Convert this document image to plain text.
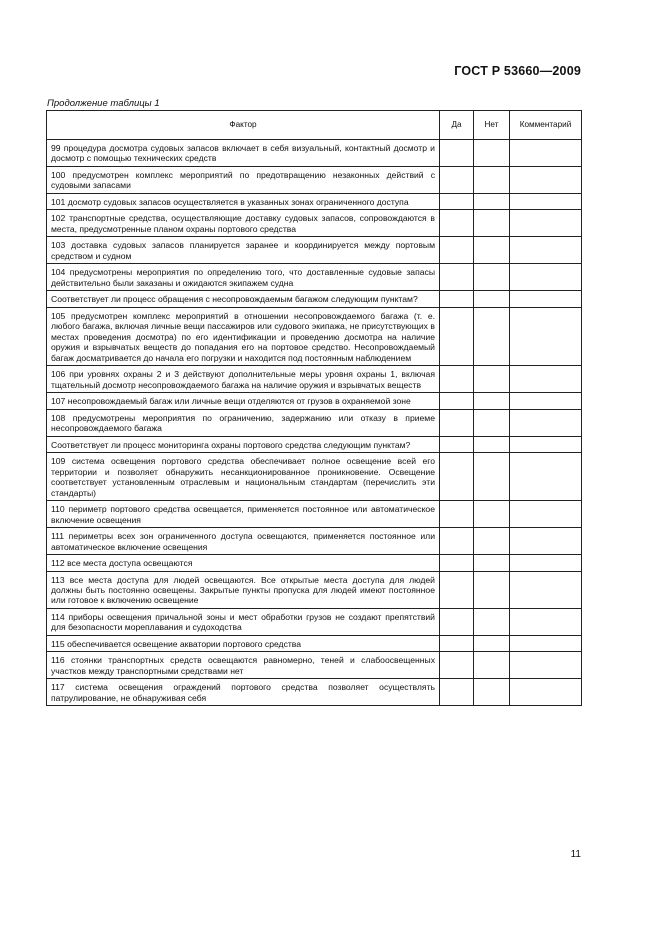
ГОСТ Р 53660—2009
Продолжение таблицы 1
Фактор	Да	Нет	Комментарий
99 процедура досмотра судовых запасов включает в себя визуальный, контактный досмотр и досмотр с помощью технических средств			
100 предусмотрен комплекс мероприятий по предотвращению незаконных действий с судовыми запасами			
101 досмотр судовых запасов осуществляется в указанных зонах ограниченного доступа			
102 транспортные средства, осуществляющие доставку судовых запасов, сопровождаются в места, предусмотренные планом охраны портового средства			
103 доставка судовых запасов планируется заранее и координируется между портовым средством и судном			
104 предусмотрены мероприятия по определению того, что доставленные судовые запасы действительно были заказаны и ожидаются экипажем судна			
Соответствует ли процесс обращения с несопровождаемым багажом следующим пунктам?			
105 предусмотрен комплекс мероприятий в отношении несопровождаемого багажа (т. е. любого багажа, включая личные вещи пассажиров или судового экипажа, не присутствующих в местах проведения досмотра) по его идентификации и проведению досмотра на наличие оружия и взрывчатых веществ до попадания его на портовое средство. Несопровождаемый багаж досматривается до начала его погрузки и находится под постоянным наблюдением			
106 при уровнях охраны 2 и 3 действуют дополнительные меры уровня охраны 1, включая тщательный досмотр несопровождаемого багажа на наличие оружия и взрывчатых веществ			
107 несопровождаемый багаж или личные вещи отделяются от грузов в охраняемой зоне			
108 предусмотрены мероприятия по ограничению, задержанию или отказу в приеме несопровождаемого багажа			
Соответствует ли процесс мониторинга охраны портового средства следующим пунктам?			
109 система освещения портового средства обеспечивает полное освещение всей его территории и позволяет обнаружить несанкционированное проникновение. Освещение соответствует установленным отраслевым и национальным стандартам (перечислить эти стандарты)			
110 периметр портового средства освещается, применяется постоянное или автоматическое включение освещения			
111 периметры всех зон ограниченного доступа освещаются, применяется постоянное или автоматическое включение освещения			
112 все места доступа освещаются			
113 все места доступа для людей освещаются. Все открытые места доступа для людей должны быть постоянно освещены. Закрытые пункты пропуска для людей имеют постоянное или готовое к включению освещение			
114 приборы освещения причальной зоны и мест обработки грузов не создают препятствий для безопасности мореплавания и судоходства			
115 обеспечивается освещение акватории портового средства			
116 стоянки транспортных средств освещаются равномерно, теней и слабоосвещенных участков между транспортными средствами нет			
117 система освещения ограждений портового средства позволяет осуществлять патрулирование, не обнаруживая себя			
11
